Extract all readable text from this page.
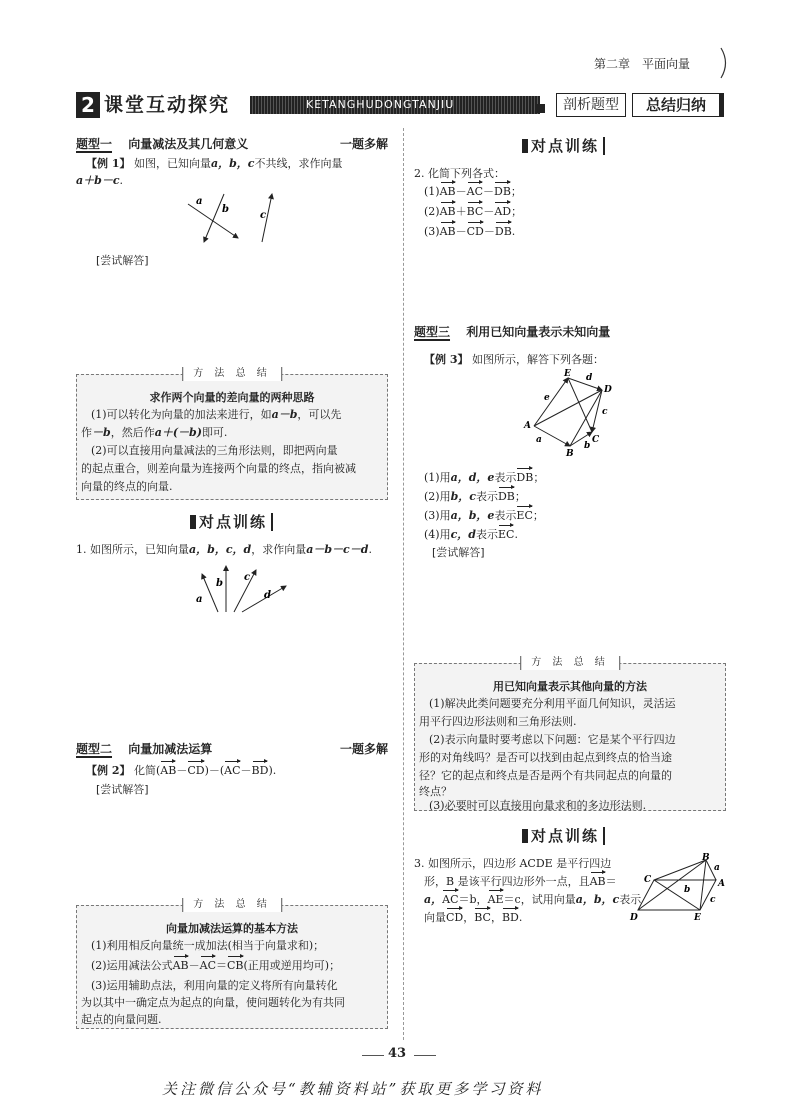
第二章　平面向量
2 课堂互动探究	KETANGHUDONGTANJIU	剖析题型	总结归纳
题型一 向量减法及其几何意义	一题多解
【例 1】 如图，已知向量a，b，c不共线，求作向量
a＋b－c.
a
b
c
[尝试解答]
方 法 总 结
求作两个向量的差向量的两种思路
(1)可以转化为向量的加法来进行，如a－b，可以先
作－b，然后作a＋(－b)即可.
(2)可以直接用向量减法的三角形法则，即把两向量
的起点重合，则差向量为连接两个向量的终点，指向被减
向量的终点的向量.
对点训练
1. 如图所示，已知向量a，b，c，d，求作向量a－b－c－d.
a
b
c
d
题型二 向量加减法运算	一题多解
【例 2】 化简(AB－CD)－(AC－BD).
[尝试解答]
方 法 总 结
向量加减法运算的基本方法
(1)利用相反向量统一成加法(相当于向量求和)；
(2)运用减法公式AB－AC＝CB(正用或逆用均可)；
(3)运用辅助点法，利用向量的定义将所有向量转化
为以其中一确定点为起点的向量，使问题转化为有共同
起点的向量问题.
对点训练
2. 化简下列各式：
(1)AB－AC－DB；
(2)AB＋BC－AD；
(3)AB－CD－DB.
题型三 利用已知向量表示未知向量
【例 3】 如图所示，解答下列各题：
E
D
A
B
C
d
e
a
b
c
(1)用a，d，e表示DB；
(2)用b，c表示DB；
(3)用a，b，e表示EC；
(4)用c，d表示EC.
[尝试解答]
方 法 总 结
用已知向量表示其他向量的方法
(1)解决此类问题要充分利用平面几何知识，灵活运
用平行四边形法则和三角形法则.
(2)表示向量时要考虑以下问题：它是某个平行四边
形的对角线吗？是否可以找到由起点到终点的恰当途
径？它的起点和终点是否是两个有共同起点的向量的
终点？
(3)必要时可以直接用向量求和的多边形法则.
对点训练
3. 如图所示，四边形 ACDE 是平行四边
形，B 是该平行四边形外一点，且AB＝
a，AC＝b，AE＝c，试用向量a，b，c表示
向量CD，BC，BD.
B
C	A
D	E
a
b
c
43
关注微信公众号“教辅资料站”获取更多学习资料
